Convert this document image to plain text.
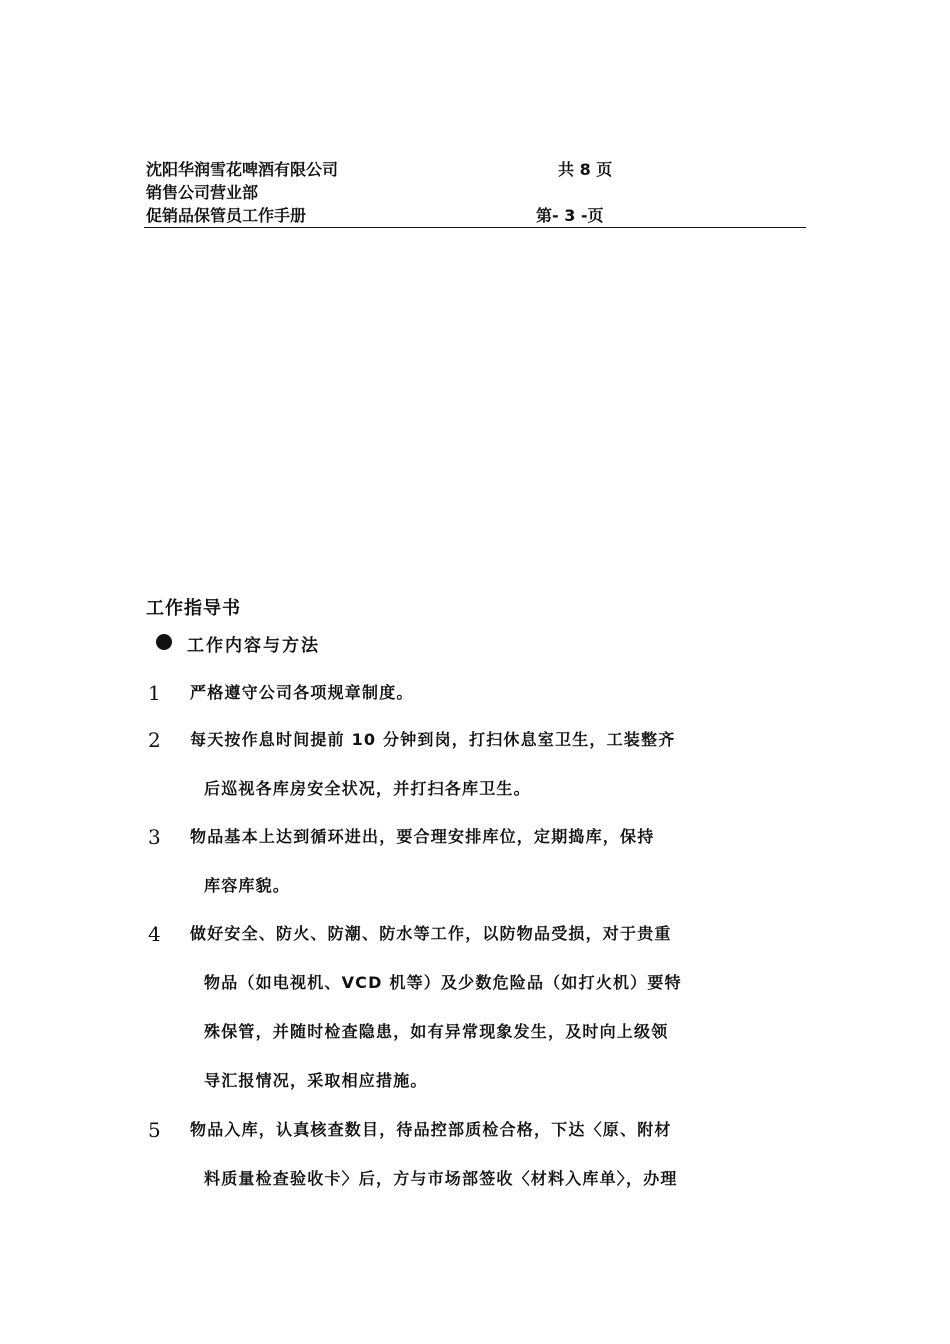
沈阳华润雪花啤酒有限公司	共 8 页
销售公司营业部
促销品保管员工作手册	第- 3 -页
工作指导书
工作内容与方法
1 严格遵守公司各项规章制度。
2 每天按作息时间提前 10 分钟到岗，打扫休息室卫生，工装整齐
后巡视各库房安全状况，并打扫各库卫生。
3 物品基本上达到循环进出，要合理安排库位，定期捣库，保持
库容库貌。
4 做好安全、防火、防潮、防水等工作，以防物品受损，对于贵重
物品（如电视机、VCD 机等）及少数危险品（如打火机）要特
殊保管，并随时检查隐患，如有异常现象发生，及时向上级领
导汇报情况，采取相应措施。
5 物品入库，认真核查数目，待品控部质检合格，下达〈原、附材
料质量检查验收卡〉后，方与市场部签收〈材料入库单〉，办理
